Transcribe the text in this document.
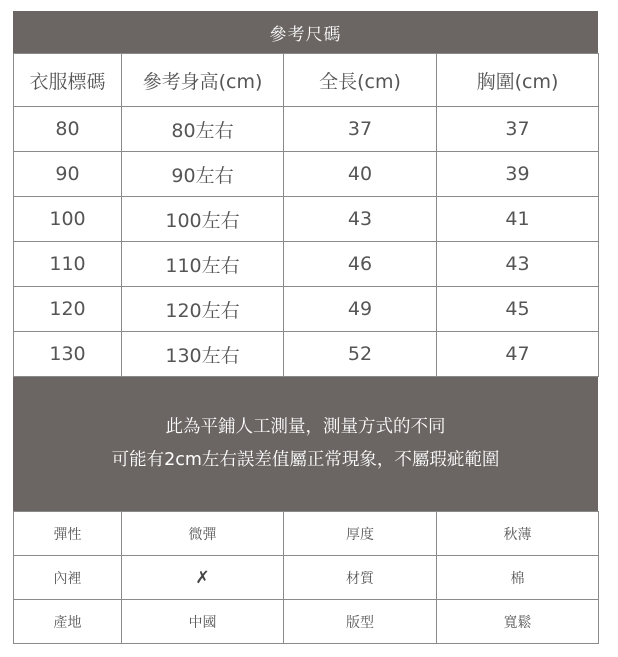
參考尺碼
衣服標碼	參考身高(cm)	全長(cm)	胸圍(cm)
80	80左右	37	37
90	90左右	40	39
100	100左右	43	41
110	110左右	46	43
120	120左右	49	45
130	130左右	52	47
此為平鋪人工測量，測量方式的不同
可能有2cm左右誤差值屬正常現象，不屬瑕疵範圍
彈性	微彈	厚度	秋薄
內裡	✗	材質	棉
產地	中國	版型	寬鬆
